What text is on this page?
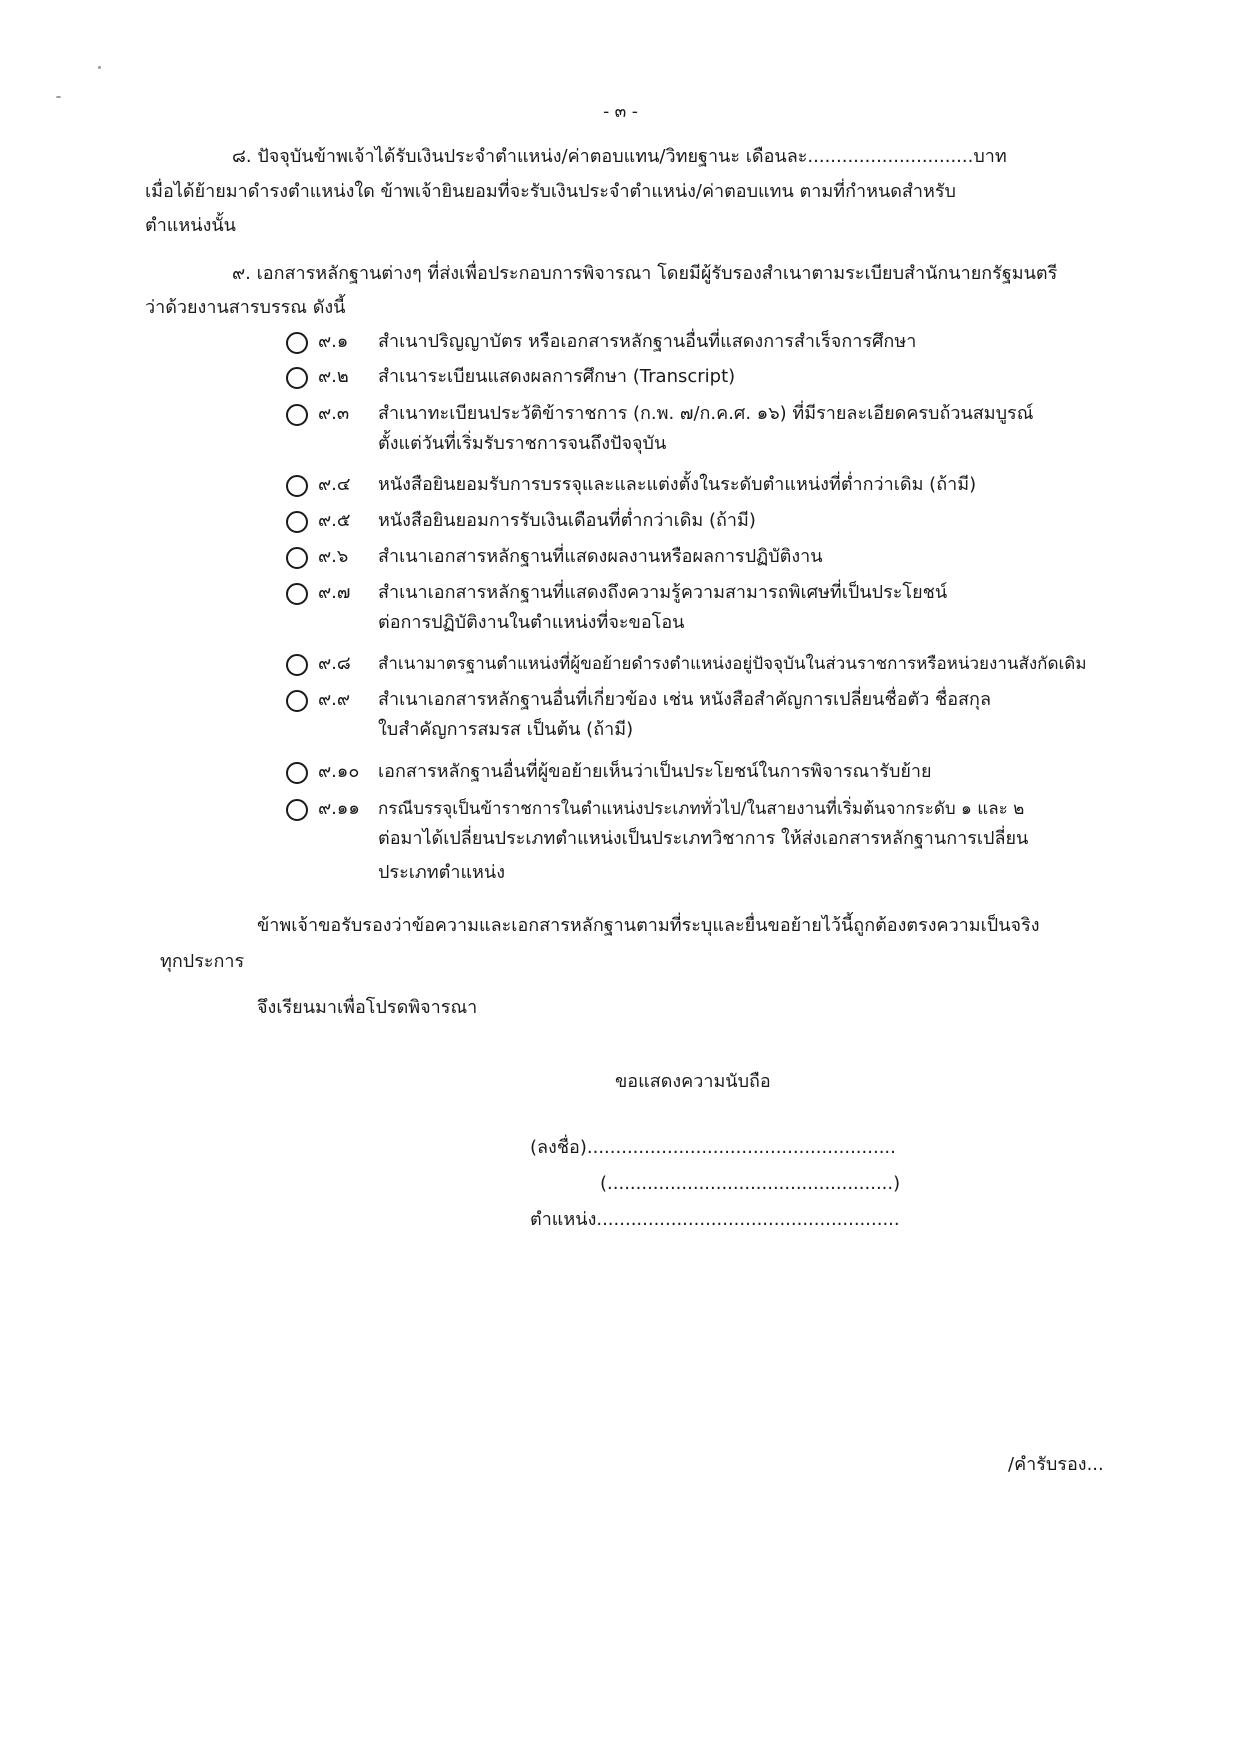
- ๓ -
๘. ปัจจุบันข้าพเจ้าได้รับเงินประจำตำแหน่ง/ค่าตอบแทน/วิทยฐานะ เดือนละ.............................บาท
เมื่อได้ย้ายมาดำรงตำแหน่งใด ข้าพเจ้ายินยอมที่จะรับเงินประจำตำแหน่ง/ค่าตอบแทน ตามที่กำหนดสำหรับ
ตำแหน่งนั้น
๙. เอกสารหลักฐานต่างๆ ที่ส่งเพื่อประกอบการพิจารณา โดยมีผู้รับรองสำเนาตามระเบียบสำนักนายกรัฐมนตรี
ว่าด้วยงานสารบรรณ ดังนี้
๙.๑ สำเนาปริญญาบัตร หรือเอกสารหลักฐานอื่นที่แสดงการสำเร็จการศึกษา
๙.๒ สำเนาระเบียนแสดงผลการศึกษา (Transcript)
๙.๓ สำเนาทะเบียนประวัติข้าราชการ (ก.พ. ๗/ก.ค.ศ. ๑๖) ที่มีรายละเอียดครบถ้วนสมบูรณ์
ตั้งแต่วันที่เริ่มรับราชการจนถึงปัจจุบัน
๙.๔ หนังสือยินยอมรับการบรรจุและและแต่งตั้งในระดับตำแหน่งที่ต่ำกว่าเดิม (ถ้ามี)
๙.๕ หนังสือยินยอมการรับเงินเดือนที่ต่ำกว่าเดิม (ถ้ามี)
๙.๖ สำเนาเอกสารหลักฐานที่แสดงผลงานหรือผลการปฏิบัติงาน
๙.๗ สำเนาเอกสารหลักฐานที่แสดงถึงความรู้ความสามารถพิเศษที่เป็นประโยชน์
ต่อการปฏิบัติงานในตำแหน่งที่จะขอโอน
๙.๘ สำเนามาตรฐานตำแหน่งที่ผู้ขอย้ายดำรงตำแหน่งอยู่ปัจจุบันในส่วนราชการหรือหน่วยงานสังกัดเดิม
๙.๙ สำเนาเอกสารหลักฐานอื่นที่เกี่ยวข้อง เช่น หนังสือสำคัญการเปลี่ยนชื่อตัว ชื่อสกุล
ใบสำคัญการสมรส เป็นต้น (ถ้ามี)
๙.๑๐ เอกสารหลักฐานอื่นที่ผู้ขอย้ายเห็นว่าเป็นประโยชน์ในการพิจารณารับย้าย
๙.๑๑ กรณีบรรจุเป็นข้าราชการในตำแหน่งประเภททั่วไป/ในสายงานที่เริ่มต้นจากระดับ ๑ และ ๒
ต่อมาได้เปลี่ยนประเภทตำแหน่งเป็นประเภทวิชาการ ให้ส่งเอกสารหลักฐานการเปลี่ยน
ประเภทตำแหน่ง
ข้าพเจ้าขอรับรองว่าข้อความและเอกสารหลักฐานตามที่ระบุและยื่นขอย้ายไว้นี้ถูกต้องตรงความเป็นจริง
ทุกประการ
จึงเรียนมาเพื่อโปรดพิจารณา
ขอแสดงความนับถือ
(ลงชื่อ)......................................................
(..................................................)
ตำแหน่ง.....................................................
/คำรับรอง...
